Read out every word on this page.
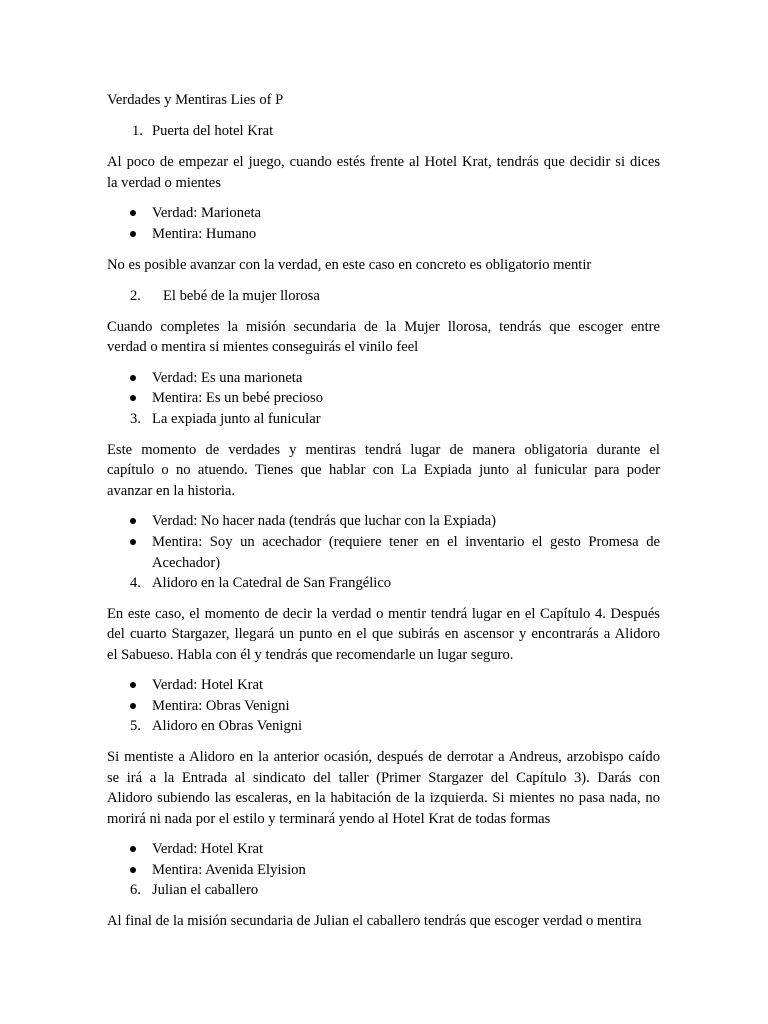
Verdades y Mentiras Lies of P
1. Puerta del hotel Krat
Al poco de empezar el juego, cuando estés frente al Hotel Krat, tendrás que decidir si dices
la verdad o mientes
Verdad: Marioneta
Mentira: Humano
No es posible avanzar con la verdad, en este caso en concreto es obligatorio mentir
2. El bebé de la mujer llorosa
Cuando completes la misión secundaria de la Mujer llorosa, tendrás que escoger entre
verdad o mentira si mientes conseguirás el vinilo feel
Verdad: Es una marioneta
Mentira: Es un bebé precioso
3. La expiada junto al funicular
Este momento de verdades y mentiras tendrá lugar de manera obligatoria durante el
capítulo o no atuendo. Tienes que hablar con La Expiada junto al funicular para poder
avanzar en la historia.
Verdad: No hacer nada (tendrás que luchar con la Expiada)
Mentira: Soy un acechador (requiere tener en el inventario el gesto Promesa de
Acechador)
4. Alidoro en la Catedral de San Frangélico
En este caso, el momento de decir la verdad o mentir tendrá lugar en el Capítulo 4. Después
del cuarto Stargazer, llegará un punto en el que subirás en ascensor y encontrarás a Alidoro
el Sabueso. Habla con él y tendrás que recomendarle un lugar seguro.
Verdad: Hotel Krat
Mentira: Obras Venigni
5. Alidoro en Obras Venigni
Si mentiste a Alidoro en la anterior ocasión, después de derrotar a Andreus, arzobispo caído
se irá a la Entrada al sindicato del taller (Primer Stargazer del Capítulo 3). Darás con
Alidoro subiendo las escaleras, en la habitación de la izquierda. Si mientes no pasa nada, no
morirá ni nada por el estilo y terminará yendo al Hotel Krat de todas formas
Verdad: Hotel Krat
Mentira: Avenida Elyision
6. Julian el caballero
Al final de la misión secundaria de Julian el caballero tendrás que escoger verdad o mentira
